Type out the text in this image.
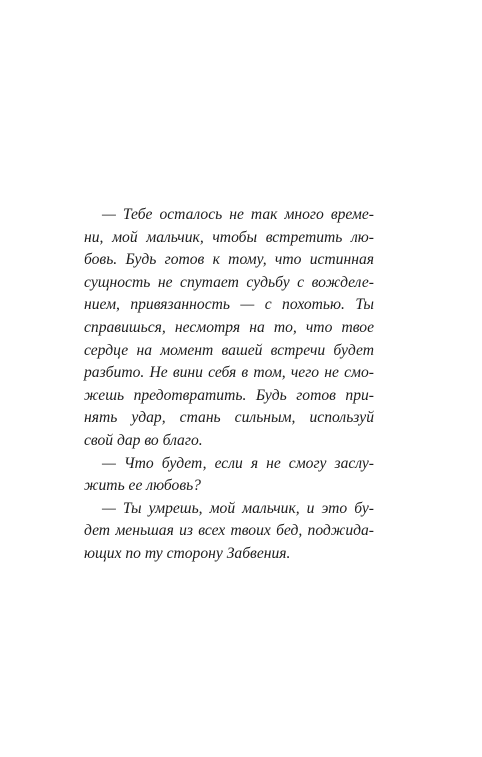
— Тебе осталось не так много време-
ни, мой мальчик, чтобы встретить лю-
бовь. Будь готов к тому, что истинная
сущность не спутает судьбу с вожделе-
нием, привязанность — с похотью. Ты
справишься, несмотря на то, что твое
сердце на момент вашей встречи будет
разбито. Не вини себя в том, чего не смо-
жешь предотвратить. Будь готов при-
нять удар, стань сильным, используй
свой дар во благо.
— Что будет, если я не смогу заслу-
жить ее любовь?
— Ты умрешь, мой мальчик, и это бу-
дет меньшая из всех твоих бед, поджида-
ющих по ту сторону Забвения.
